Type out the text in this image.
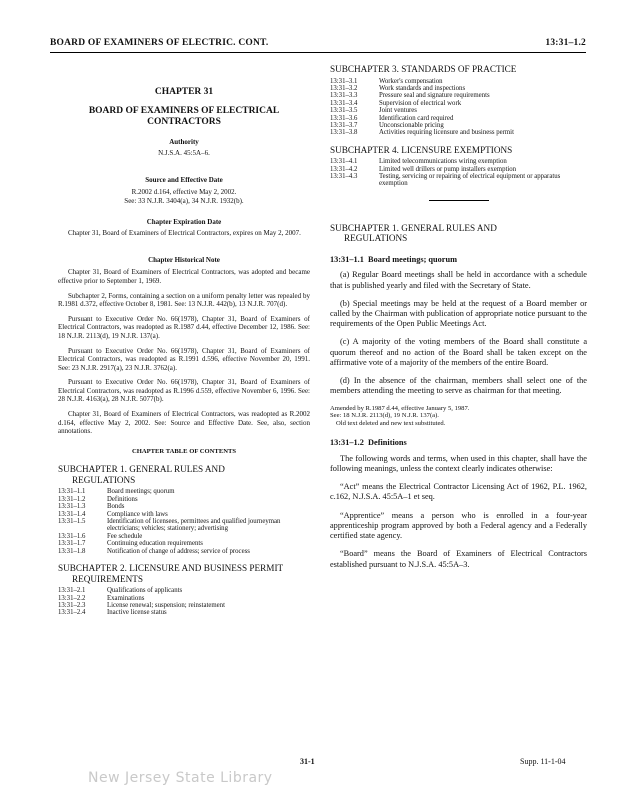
BOARD OF EXAMINERS OF ELECTRIC. CONT.	13:31–1.2
CHAPTER 31
BOARD OF EXAMINERS OF ELECTRICAL
CONTRACTORS
Authority
N.J.S.A. 45:5A–6.
Source and Effective Date
R.2002 d.164, effective May 2, 2002.
See: 33 N.J.R. 3404(a), 34 N.J.R. 1932(b).
Chapter Expiration Date
Chapter 31, Board of Examiners of Electrical Contractors, expires on May 2, 2007.
Chapter Historical Note
Chapter 31, Board of Examiners of Electrical Contractors, was adopted and became effective prior to September 1, 1969.
Subchapter 2, Forms, containing a section on a uniform penalty letter was repealed by R.1981 d.372, effective October 8, 1981. See: 13 N.J.R. 442(b), 13 N.J.R. 707(d).
Pursuant to Executive Order No. 66(1978), Chapter 31, Board of Examiners of Electrical Contractors, was readopted as R.1987 d.44, effective December 12, 1986. See: 18 N.J.R. 2113(d), 19 N.J.R. 137(a).
Pursuant to Executive Order No. 66(1978), Chapter 31, Board of Examiners of Electrical Contractors, was readopted as R.1991 d.596, effective November 20, 1991. See: 23 N.J.R. 2917(a), 23 N.J.R. 3762(a).
Pursuant to Executive Order No. 66(1978), Chapter 31, Board of Examiners of Electrical Contractors, was readopted as R.1996 d.559, effective November 6, 1996. See: 28 N.J.R. 4163(a), 28 N.J.R. 5077(b).
Chapter 31, Board of Examiners of Electrical Contractors, was readopted as R.2002 d.164, effective May 2, 2002. See: Source and Effective Date. See, also, section annotations.
CHAPTER TABLE OF CONTENTS
SUBCHAPTER 1. GENERAL RULES AND
REGULATIONS
13:31–1.1	Board meetings; quorum
13:31–1.2	Definitions
13:31–1.3	Bonds
13:31–1.4	Compliance with laws
13:31–1.5	Identification of licensees, permittees and qualified journeyman electricians; vehicles; stationery; advertising
13:31–1.6	Fee schedule
13:31–1.7	Continuing education requirements
13:31–1.8	Notification of change of address; service of process
SUBCHAPTER 2. LICENSURE AND BUSINESS PERMIT
REQUIREMENTS
13:31–2.1	Qualifications of applicants
13:31–2.2	Examinations
13:31–2.3	License renewal; suspension; reinstatement
13:31–2.4	Inactive license status
SUBCHAPTER 3. STANDARDS OF PRACTICE
13:31–3.1	Worker's compensation
13:31–3.2	Work standards and inspections
13:31–3.3	Pressure seal and signature requirements
13:31–3.4	Supervision of electrical work
13:31–3.5	Joint ventures
13:31–3.6	Identification card required
13:31–3.7	Unconscionable pricing
13:31–3.8	Activities requiring licensure and business permit
SUBCHAPTER 4. LICENSURE EXEMPTIONS
13:31–4.1	Limited telecommunications wiring exemption
13:31–4.2	Limited well drillers or pump installers exemption
13:31–4.3	Testing, servicing or repairing of electrical equipment or apparatus exemption
SUBCHAPTER 1. GENERAL RULES AND
REGULATIONS
13:31–1.1 Board meetings; quorum
(a) Regular Board meetings shall be held in accordance with a schedule that is published yearly and filed with the Secretary of State.
(b) Special meetings may be held at the request of a Board member or called by the Chairman with publication of appropriate notice pursuant to the requirements of the Open Public Meetings Act.
(c) A majority of the voting members of the Board shall constitute a quorum thereof and no action of the Board shall be taken except on the affirmative vote of a majority of the members of the entire Board.
(d) In the absence of the chairman, members shall select one of the members attending the meeting to serve as chairman for that meeting.
Amended by R.1987 d.44, effective January 5, 1987.
See: 18 N.J.R. 2113(d), 19 N.J.R. 137(a).
Old text deleted and new text substituted.
13:31–1.2 Definitions
The following words and terms, when used in this chapter, shall have the following meanings, unless the context clearly indicates otherwise:
“Act” means the Electrical Contractor Licensing Act of 1962, P.L. 1962, c.162, N.J.S.A. 45:5A–1 et seq.
“Apprentice” means a person who is enrolled in a four-year apprenticeship program approved by both a Federal agency and a Federally certified state agency.
“Board” means the Board of Examiners of Electrical Contractors established pursuant to N.J.S.A. 45:5A–3.
31-1	Supp. 11-1-04
New Jersey State Library
